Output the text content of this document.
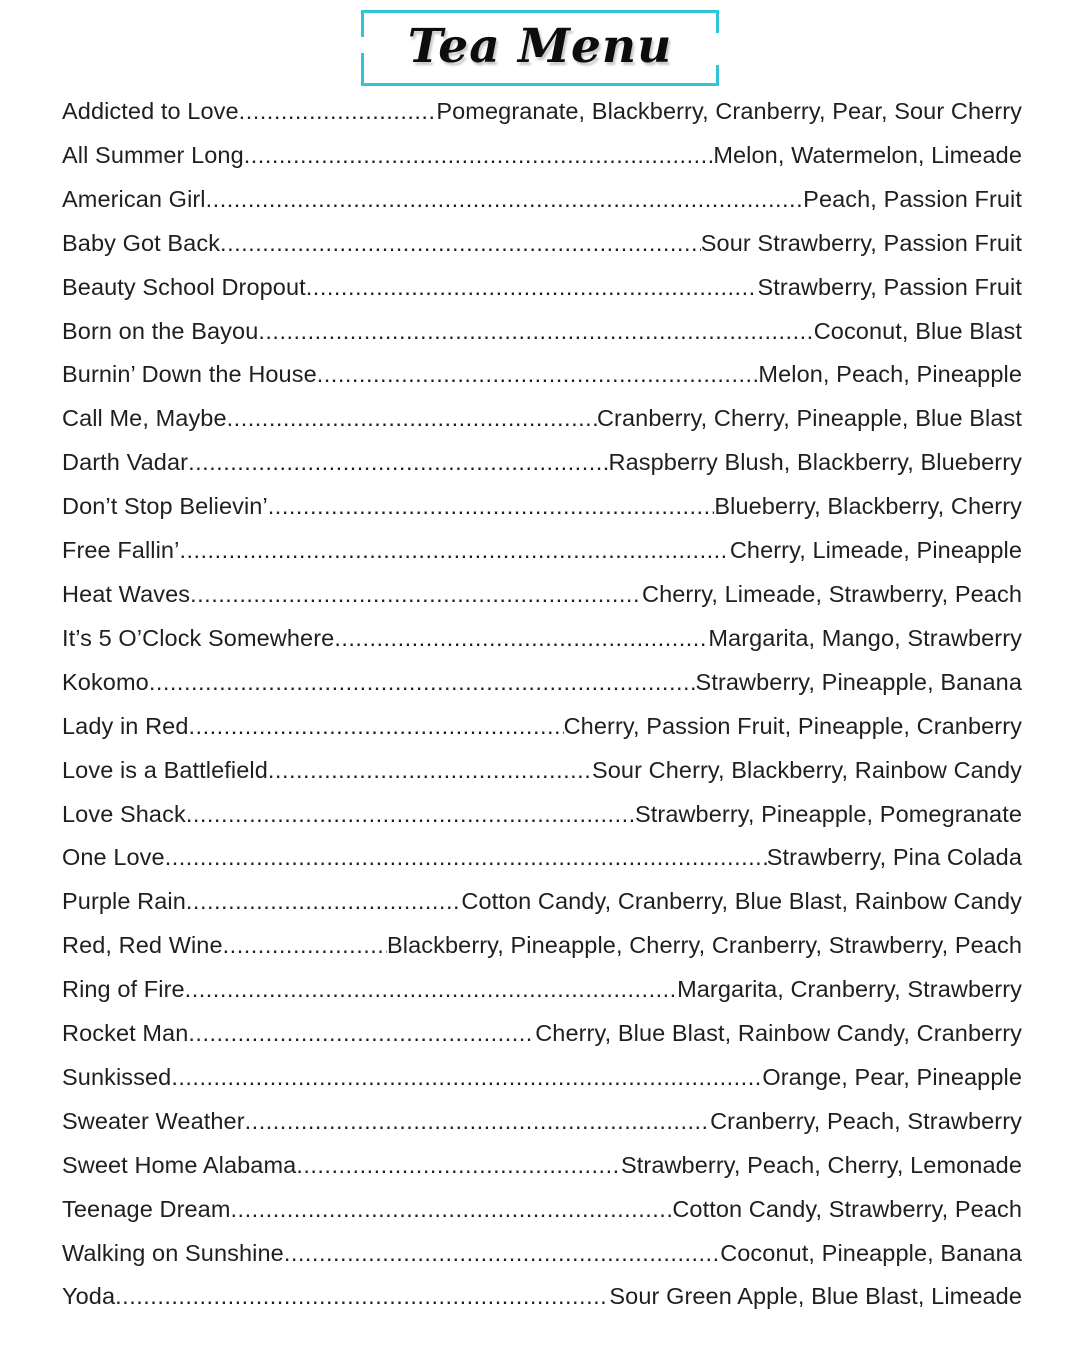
Tea Menu
Addicted to Love .....	Pomegranate, Blackberry, Cranberry, Pear, Sour Cherry
All Summer Long .....	Melon, Watermelon, Limeade
American Girl .....	Peach, Passion Fruit
Baby Got Back .....	Sour Strawberry, Passion Fruit
Beauty School Dropout .....	Strawberry, Passion Fruit
Born on the Bayou .....	Coconut, Blue Blast
Burnin’ Down the House .....	Melon, Peach, Pineapple
Call Me, Maybe .....	Cranberry, Cherry, Pineapple, Blue Blast
Darth Vadar .....	Raspberry Blush, Blackberry, Blueberry
Don’t Stop Believin’ .....	Blueberry, Blackberry, Cherry
Free Fallin’ .....	Cherry, Limeade, Pineapple
Heat Waves .....	Cherry, Limeade, Strawberry, Peach
It’s 5 O’Clock Somewhere .....	Margarita, Mango, Strawberry
Kokomo .....	Strawberry, Pineapple, Banana
Lady in Red .....	Cherry, Passion Fruit, Pineapple, Cranberry
Love is a Battlefield .....	Sour Cherry, Blackberry, Rainbow Candy
Love Shack .....	Strawberry, Pineapple, Pomegranate
One Love .....	Strawberry, Pina Colada
Purple Rain .....	Cotton Candy, Cranberry, Blue Blast, Rainbow Candy
Red, Red Wine .....	Blackberry, Pineapple, Cherry, Cranberry, Strawberry, Peach
Ring of Fire .....	Margarita, Cranberry, Strawberry
Rocket Man .....	Cherry, Blue Blast, Rainbow Candy, Cranberry
Sunkissed .....	Orange, Pear, Pineapple
Sweater Weather .....	Cranberry, Peach, Strawberry
Sweet Home Alabama .....	Strawberry, Peach, Cherry, Lemonade
Teenage Dream .....	Cotton Candy, Strawberry, Peach
Walking on Sunshine .....	Coconut, Pineapple, Banana
Yoda .....	Sour Green Apple, Blue Blast, Limeade
